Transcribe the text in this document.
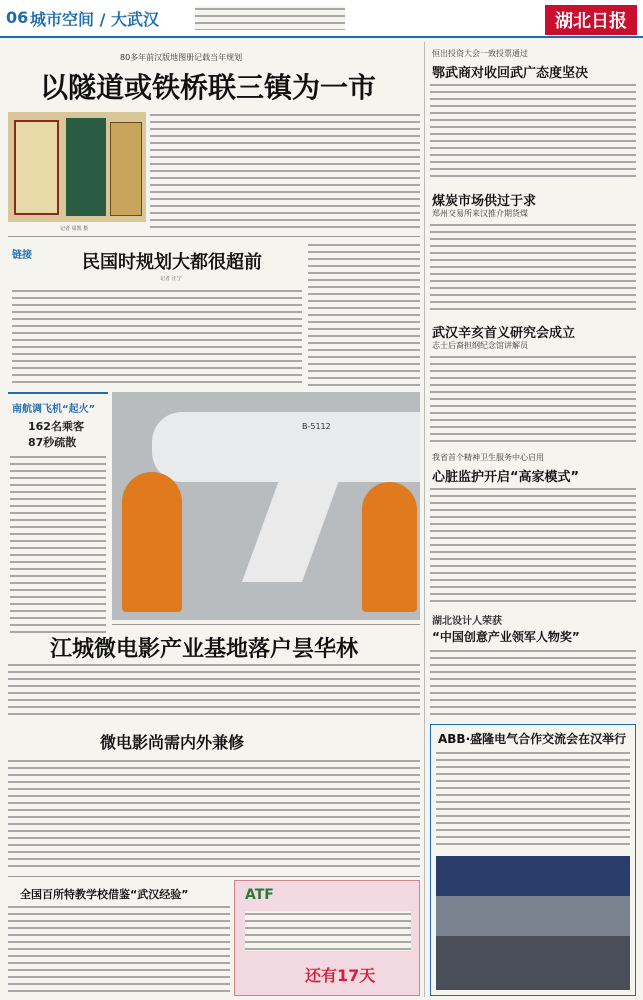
06 城市空间 / 大武汉	湖北日报
80多年前汉版地图册记载当年规划
以隧道或铁桥联三镇为一市
记者 周凯 摄
链接	民国时规划大都很超前
记者 汪宁
南航调飞机“起火”
162名乘客
87秒疏散
B-5112
江城微电影产业基地落户昙华林
微电影尚需内外兼修
全国百所特教学校借鉴“武汉经验”	ATF
还有17天
恒出投资大会一致投票通过
鄂武商对收回武广态度坚决
煤炭市场供过于求
郑州交易所来汉推介期货煤
武汉辛亥首义研究会成立
志士后裔担纲纪念馆讲解员
我省首个精神卫生服务中心启用
心脏监护开启“高家模式”
湖北设计人荣获
“中国创意产业领军人物奖”
ABB·盛隆电气合作交流会在汉举行
